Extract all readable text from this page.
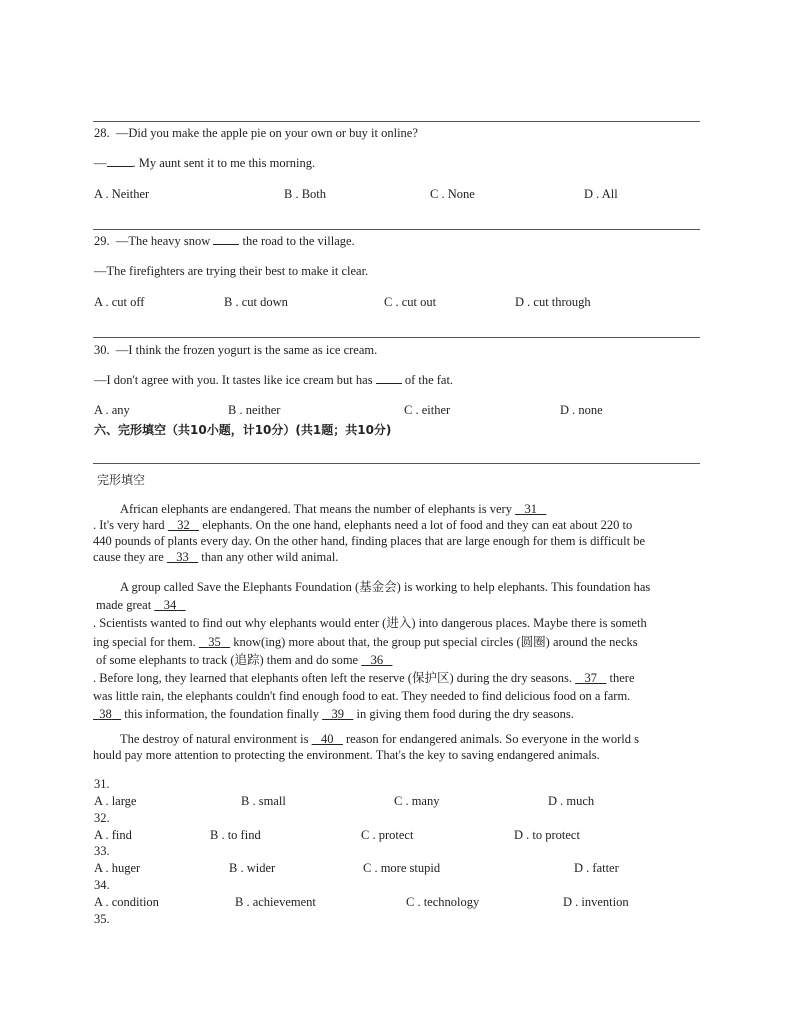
28. —Did you make the apple pie on your own or buy it online?
— . My aunt sent it to me this morning.
A . Neither	B . Both	C . None	D . All
29. —The heavy snow	the road to the village.
—The firefighters are trying their best to make it clear.
A . cut off	B . cut down	C . cut out	D . cut through
30. —I think the frozen yogurt is the same as ice cream.
—I don't agree with you. It tastes like ice cream but has	of the fat.
A . any	B . neither	C . either	D . none
六、完形填空（共10小题，计10分）(共1题；共10分)
完形填空
African elephants are endangered. That means the number of elephants is very    31
. It's very hard    32    elephants. On the one hand, elephants need a lot of food and they can eat about 220 to
440 pounds of plants every day. On the other hand, finding places that are large enough for them is difficult be
cause they are    33    than any other wild animal.
A group called Save the Elephants Foundation (基金会) is working to help elephants. This foundation has
made great    34
. Scientists wanted to find out why elephants would enter (进入) into dangerous places. Maybe there is someth
ing special for them.    35    know(ing) more about that, the group put special circles (圆圈) around the necks
of some elephants to track (追踪) them and do some    36
. Before long, they learned that elephants often left the reserve (保护区) during the dry seasons.    37    there
was little rain, the elephants couldn't find enough food to eat. They needed to find delicious food on a farm.
38    this information, the foundation finally    39    in giving them food during the dry seasons.
The destroy of natural environment is    40    reason for endangered animals. So everyone in the world s
hould pay more attention to protecting the environment. That's the key to saving endangered animals.
31.
A . large	B . small	C . many	D . much
32.
A . find	B . to find	C . protect	D . to protect
33.
A . huger	B . wider	C . more stupid	D . fatter
34.
A . condition	B . achievement	C . technology	D . invention
35.
